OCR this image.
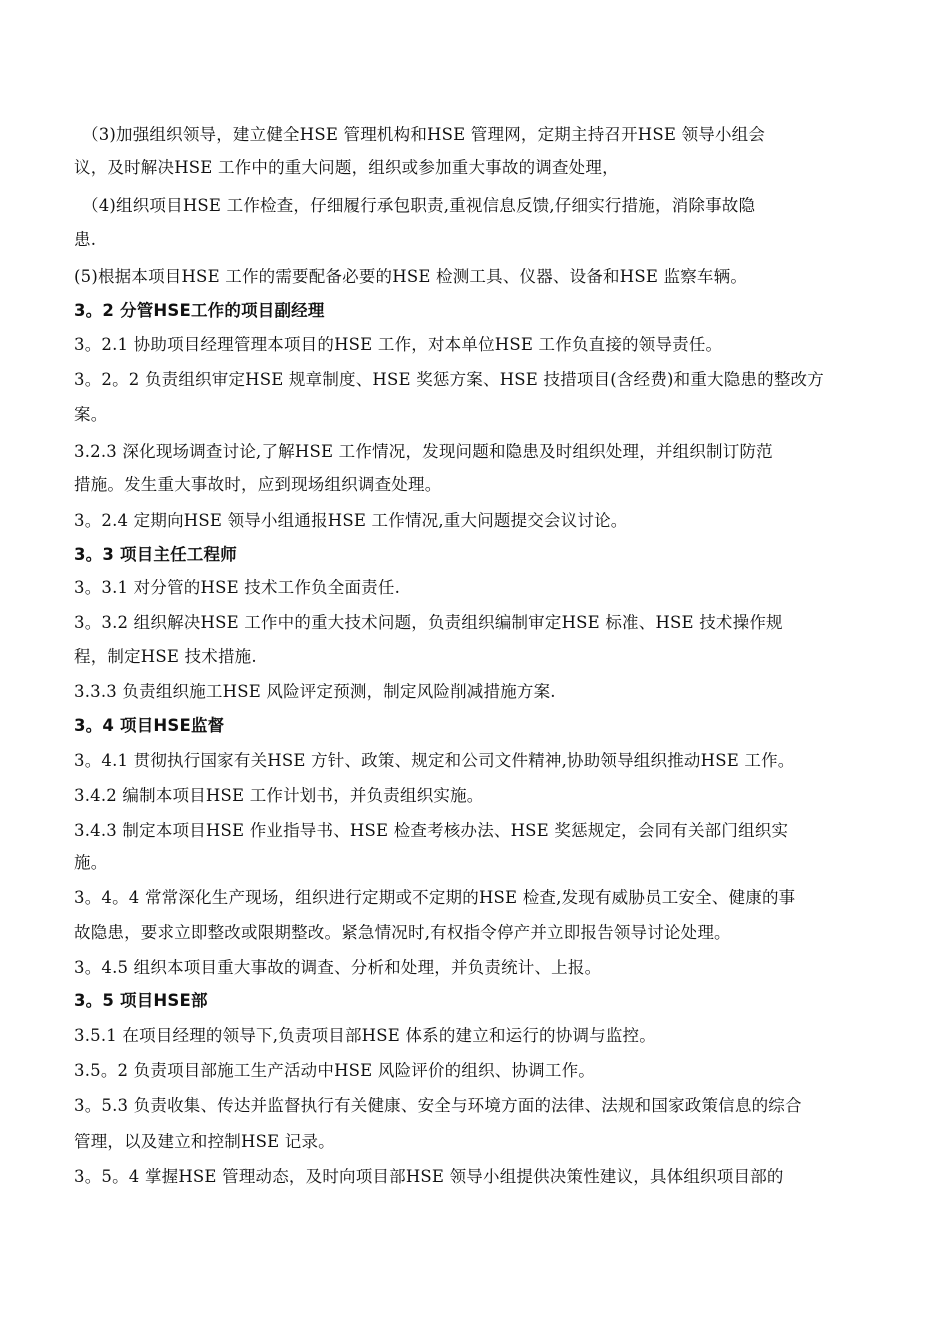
（3)加强组织领导，建立健全HSE 管理机构和HSE 管理网，定期主持召开HSE 领导小组会
议，及时解决HSE 工作中的重大问题，组织或参加重大事故的调查处理，
（4)组织项目HSE 工作检查，仔细履行承包职责,重视信息反馈,仔细实行措施，消除事故隐
患.
(5)根据本项目HSE 工作的需要配备必要的HSE 检测工具、仪器、设备和HSE 监察车辆。
3。2 分管HSE工作的项目副经理
3。2.1 协助项目经理管理本项目的HSE 工作，对本单位HSE 工作负直接的领导责任。
3。2。2 负责组织审定HSE 规章制度、HSE 奖惩方案、HSE 技措项目(含经费)和重大隐患的整改方
案。
3.2.3 深化现场调查讨论,了解HSE 工作情况，发现问题和隐患及时组织处理，并组织制订防范
措施。发生重大事故时，应到现场组织调查处理。
3。2.4 定期向HSE 领导小组通报HSE 工作情况,重大问题提交会议讨论。
3。3 项目主任工程师
3。3.1 对分管的HSE 技术工作负全面责任.
3。3.2 组织解决HSE 工作中的重大技术问题，负责组织编制审定HSE 标准、HSE 技术操作规
程，制定HSE 技术措施.
3.3.3 负责组织施工HSE 风险评定预测，制定风险削减措施方案.
3。4 项目HSE监督
3。4.1 贯彻执行国家有关HSE 方针、政策、规定和公司文件精神,协助领导组织推动HSE 工作。
3.4.2 编制本项目HSE 工作计划书，并负责组织实施。
3.4.3 制定本项目HSE 作业指导书、HSE 检查考核办法、HSE 奖惩规定，会同有关部门组织实
施。
3。4。4 常常深化生产现场，组织进行定期或不定期的HSE 检查,发现有威胁员工安全、健康的事
故隐患，要求立即整改或限期整改。紧急情况时,有权指令停产并立即报告领导讨论处理。
3。4.5 组织本项目重大事故的调查、分析和处理，并负责统计、上报。
3。5 项目HSE部
3.5.1 在项目经理的领导下,负责项目部HSE 体系的建立和运行的协调与监控。
3.5。2 负责项目部施工生产活动中HSE 风险评价的组织、协调工作。
3。5.3 负责收集、传达并监督执行有关健康、安全与环境方面的法律、法规和国家政策信息的综合
管理，以及建立和控制HSE 记录。
3。5。4 掌握HSE 管理动态，及时向项目部HSE 领导小组提供决策性建议，具体组织项目部的
